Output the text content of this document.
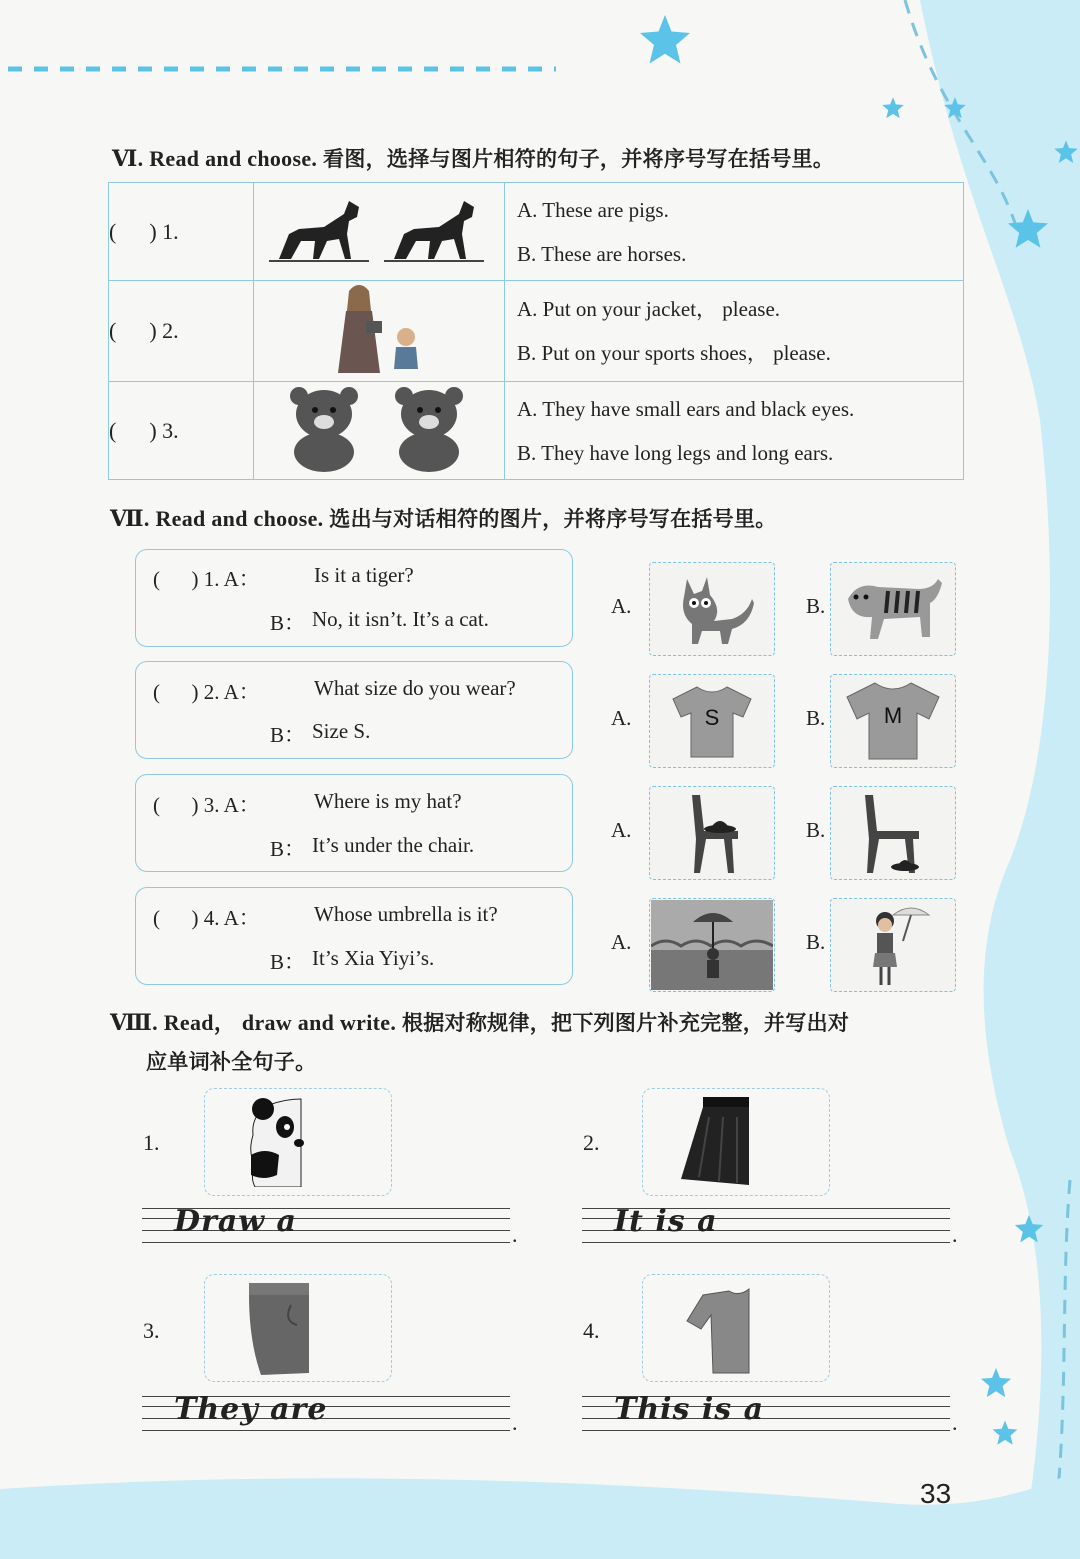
Ⅵ. Read and choose. 看图，选择与图片相符的句子，并将序号写在括号里。
(      ) 1.		A. These are pigs.
B. These are horses.

(      ) 2.		A. Put on your jacket， please.
B. Put on your sports shoes， please.

(      ) 3.		A. They have small ears and black eyes.
B. They have long legs and long ears.
Ⅶ. Read and choose. 选出与对话相符的图片，并将序号写在括号里。
(      ) 1. A：	Is it a tiger?
B： No, it isn’t. It’s a cat.
A.	B.
(      ) 2. A：	What size do you wear?
B： Size S.
A.	S	B.	M
(      ) 3. A：	Where is my hat?
B： It’s under the chair.
A.	B.
(      ) 4. A：	Whose umbrella is it?
B： It’s Xia Yiyi’s.
A.	B.
Ⅷ. Read， draw and write. 根据对称规律，把下列图片补充完整，并写出对
应单词补全句子。
1.
Draw a	.
2.
It is a	.
3.
They are	.
4.
This is a	.
33
